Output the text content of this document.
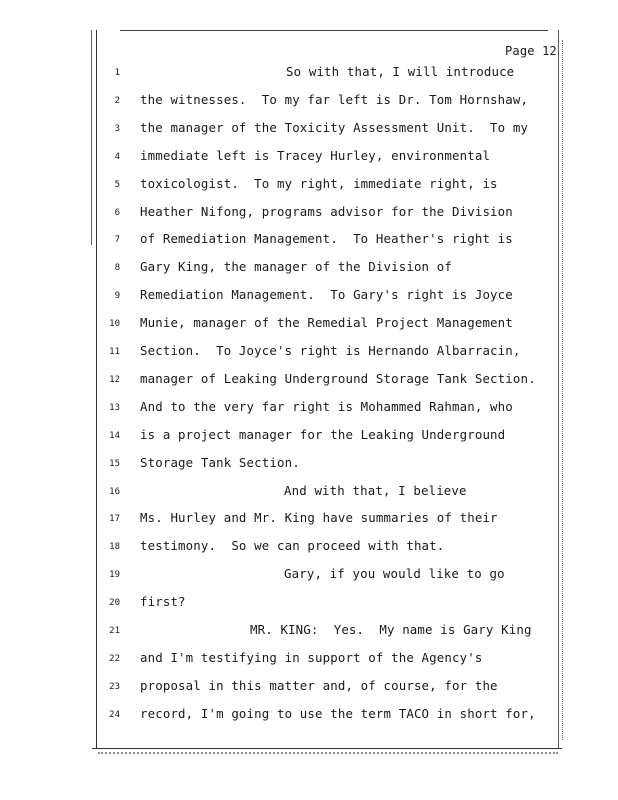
Page 12
1	So with that, I will introduce
2 the witnesses.  To my far left is Dr. Tom Hornshaw,
3 the manager of the Toxicity Assessment Unit.  To my
4 immediate left is Tracey Hurley, environmental
5 toxicologist.  To my right, immediate right, is
6 Heather Nifong, programs advisor for the Division
7 of Remediation Management.  To Heather's right is
8 Gary King, the manager of the Division of
9 Remediation Management.  To Gary's right is Joyce
10 Munie, manager of the Remedial Project Management
11 Section.  To Joyce's right is Hernando Albarracin,
12 manager of Leaking Underground Storage Tank Section.
13 And to the very far right is Mohammed Rahman, who
14 is a project manager for the Leaking Underground
15 Storage Tank Section.
16	And with that, I believe
17 Ms. Hurley and Mr. King have summaries of their
18 testimony.  So we can proceed with that.
19	Gary, if you would like to go
20 first?
21	MR. KING:  Yes.  My name is Gary King
22 and I'm testifying in support of the Agency's
23 proposal in this matter and, of course, for the
24 record, I'm going to use the term TACO in short for,
